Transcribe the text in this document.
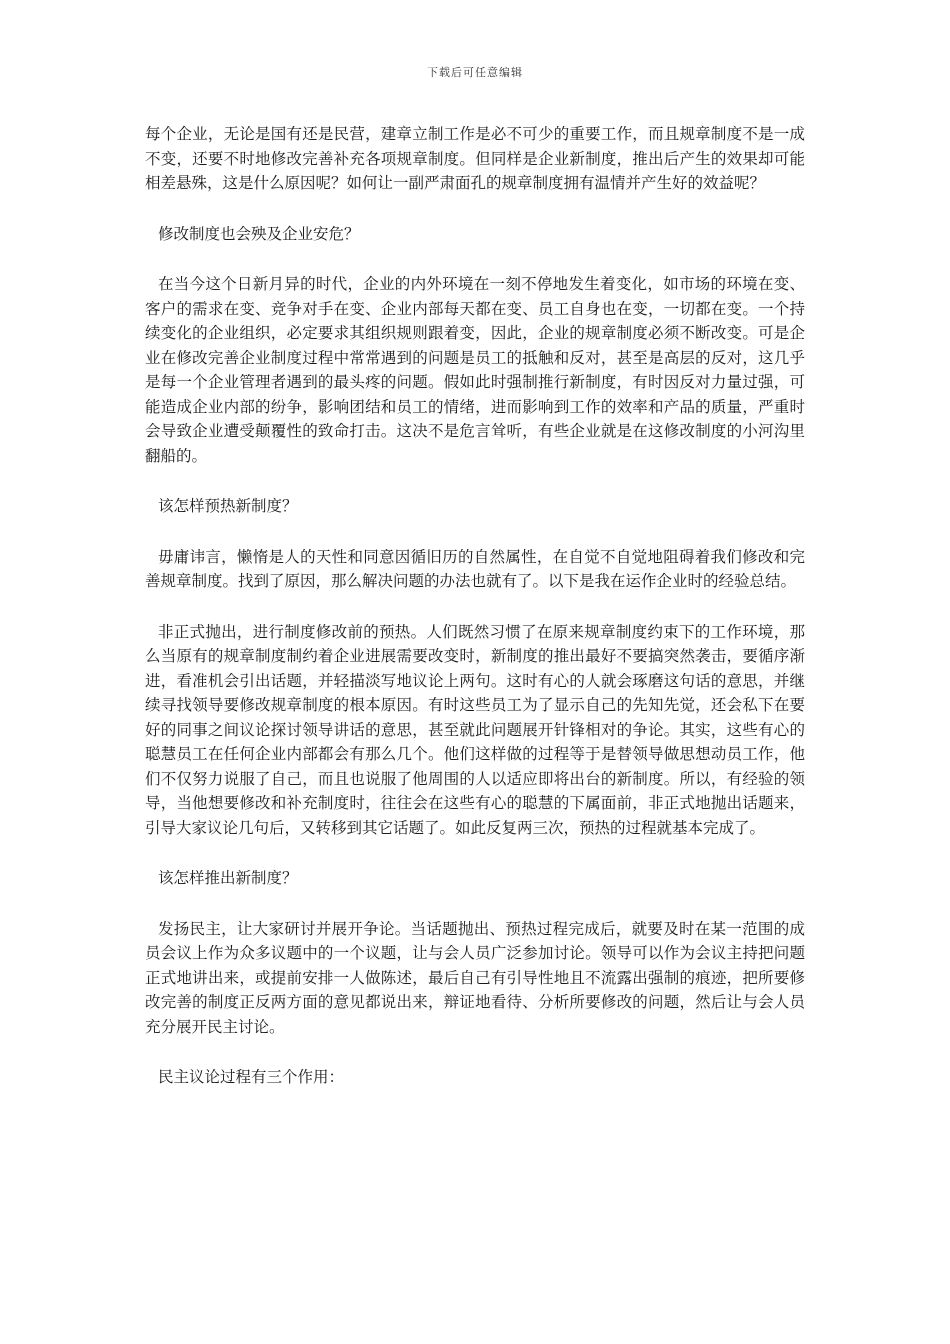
下载后可任意编辑

每个企业，无论是国有还是民营，建章立制工作是必不可少的重要工作，而且规章制度不是一成不变，还要不时地修改完善补充各项规章制度。但同样是企业新制度，推出后产生的效果却可能相差悬殊，这是什么原因呢？如何让一副严肃面孔的规章制度拥有温情并产生好的效益呢？

修改制度也会殃及企业安危？

在当今这个日新月异的时代，企业的内外环境在一刻不停地发生着变化，如市场的环境在变、客户的需求在变、竞争对手在变、企业内部每天都在变、员工自身也在变，一切都在变。一个持续变化的企业组织，必定要求其组织规则跟着变，因此，企业的规章制度必须不断改变。可是企业在修改完善企业制度过程中常常遇到的问题是员工的抵触和反对，甚至是高层的反对，这几乎是每一个企业管理者遇到的最头疼的问题。假如此时强制推行新制度，有时因反对力量过强，可能造成企业内部的纷争，影响团结和员工的情绪，进而影响到工作的效率和产品的质量，严重时会导致企业遭受颠覆性的致命打击。这决不是危言耸听，有些企业就是在这修改制度的小河沟里翻船的。

该怎样预热新制度？

毋庸讳言，懒惰是人的天性和同意因循旧历的自然属性，在自觉不自觉地阻碍着我们修改和完善规章制度。找到了原因，那么解决问题的办法也就有了。以下是我在运作企业时的经验总结。

非正式抛出，进行制度修改前的预热。人们既然习惯了在原来规章制度约束下的工作环境，那么当原有的规章制度制约着企业进展需要改变时，新制度的推出最好不要搞突然袭击，要循序渐进，看准机会引出话题，并轻描淡写地议论上两句。这时有心的人就会琢磨这句话的意思，并继续寻找领导要修改规章制度的根本原因。有时这些员工为了显示自己的先知先觉，还会私下在要好的同事之间议论探讨领导讲话的意思，甚至就此问题展开针锋相对的争论。其实，这些有心的聪慧员工在任何企业内部都会有那么几个。他们这样做的过程等于是替领导做思想动员工作，他们不仅努力说服了自己，而且也说服了他周围的人以适应即将出台的新制度。所以，有经验的领导，当他想要修改和补充制度时，往往会在这些有心的聪慧的下属面前，非正式地抛出话题来，引导大家议论几句后，又转移到其它话题了。如此反复两三次，预热的过程就基本完成了。

该怎样推出新制度？

发扬民主，让大家研讨并展开争论。当话题抛出、预热过程完成后，就要及时在某一范围的成员会议上作为众多议题中的一个议题，让与会人员广泛参加讨论。领导可以作为会议主持把问题正式地讲出来，或提前安排一人做陈述，最后自己有引导性地且不流露出强制的痕迹，把所要修改完善的制度正反两方面的意见都说出来，辩证地看待、分析所要修改的问题，然后让与会人员充分展开民主讨论。

民主议论过程有三个作用：
